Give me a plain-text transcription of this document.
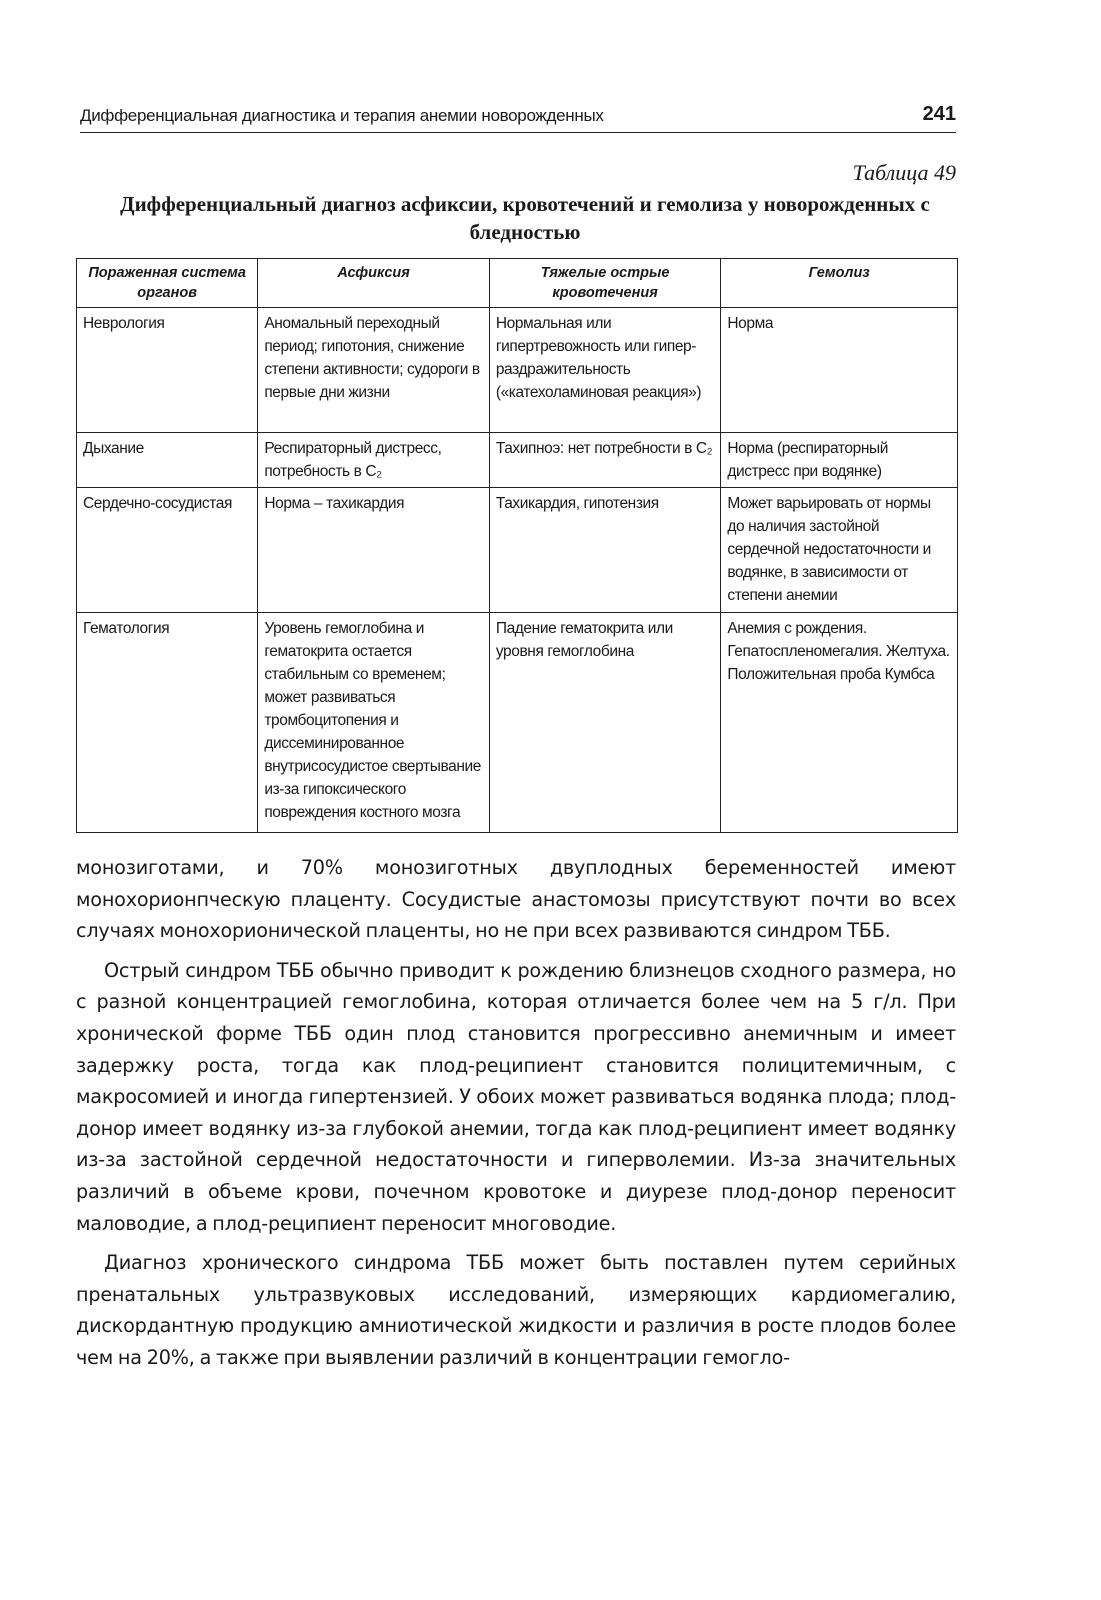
Дифференциальная диагностика и терапия анемии новорожденных	241
Таблица 49
Дифференциальный диагноз асфиксии, кровотечений и гемолиза у новорожденных с бледностью
Пораженная система органов	Асфиксия	Тяжелые острые кровотечения	Гемолиз
Неврология	Аномальный переходный период; гипотония, снижение степени активности; судороги в первые дни жизни	Нормальная или гипертревожность или гипер- раздражительность («катехоламиновая реакция»)	Норма
Дыхание	Респираторный дистресс, потребность в С₂	Тахипноэ: нет потребности в С₂	Норма (респираторный дистресс при водянке)
Сердечно-сосудистая	Норма – тахикардия	Тахикардия, гипотензия	Может варьировать от нормы до наличия застойной сердечной недостаточности и водянке, в зависимости от степени анемии
Гематология	Уровень гемоглобина и гематокрита остается стабильным со временем; может развиваться тромбоцитопения и диссеминированное внутрисосудистое свертывание из-за гипоксического повреждения костного мозга	Падение гематокрита или уровня гемоглобина	Анемия с рождения. Гепатоспленомегалия. Желтуха. Положительная проба Кумбса

монозиготами, и 70% монозиготных двуплодных беременностей имеют монохорионпческую плаценту. Сосудистые анастомозы присутствуют почти во всех случаях монохорионической плаценты, но не при всех развиваются синдром ТББ.

Острый синдром ТББ обычно приводит к рождению близнецов сходного размера, но с разной концентрацией гемоглобина, которая отличается более чем на 5 г/л. При хронической форме ТББ один плод становится прогрессивно анемичным и имеет задержку роста, тогда как плод-реципиент становится полицитемичным, с макросомией и иногда гипертензией. У обоих может развиваться водянка плода; плод-донор имеет водянку из-за глубокой анемии, тогда как плод-реципиент имеет водянку из-за застойной сердечной недостаточности и гиперволемии. Из-за значительных различий в объеме крови, почечном кровотоке и диурезе плод-донор переносит маловодие, а плод-реципиент переносит многоводие.

Диагноз хронического синдрома ТББ может быть поставлен путем серийных пренатальных ультразвуковых исследований, измеряющих кардиомегалию, дискордантную продукцию амниотической жидкости и различия в росте плодов более чем на 20%, а также при выявлении различий в концентрации гемогло-
